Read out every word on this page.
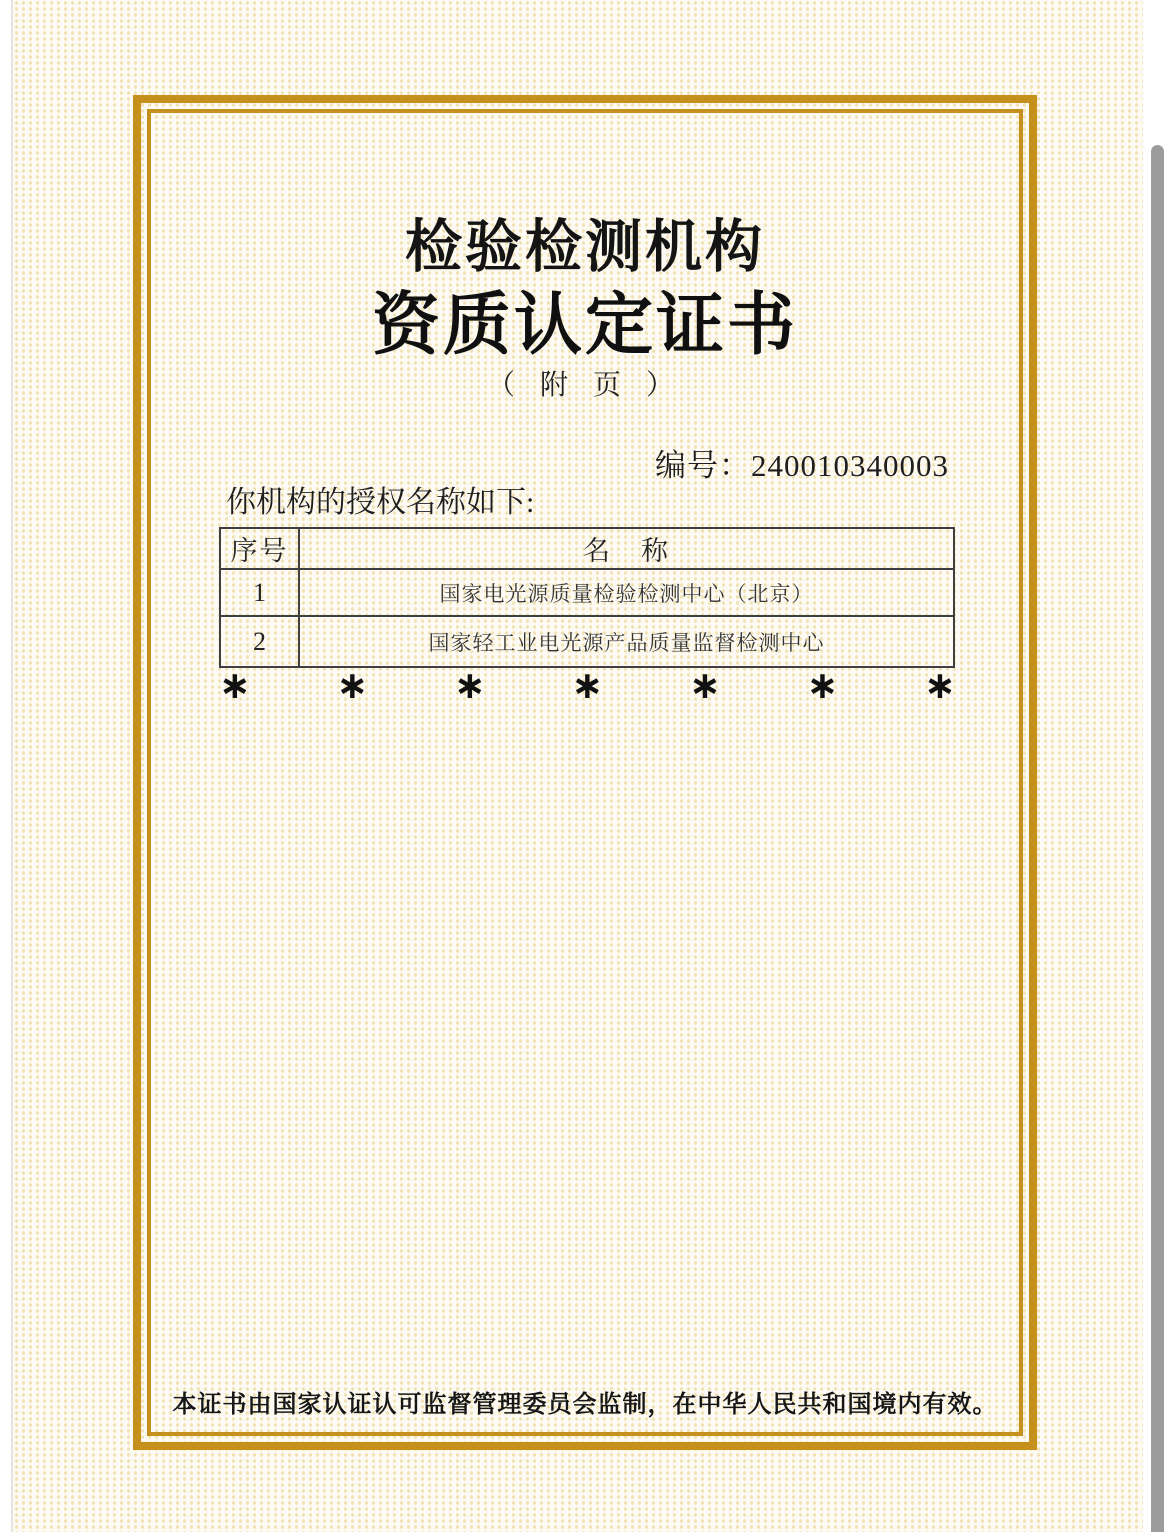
检验检测机构
资质认定证书
（ 附 页 ）
编号：240010340003
你机构的授权名称如下:
序号	名　称
1	国家电光源质量检验检测中心（北京）
2	国家轻工业电光源产品质量监督检测中心
∗ ∗ ∗ ∗ ∗ ∗ ∗
本证书由国家认证认可监督管理委员会监制，在中华人民共和国境内有效。
